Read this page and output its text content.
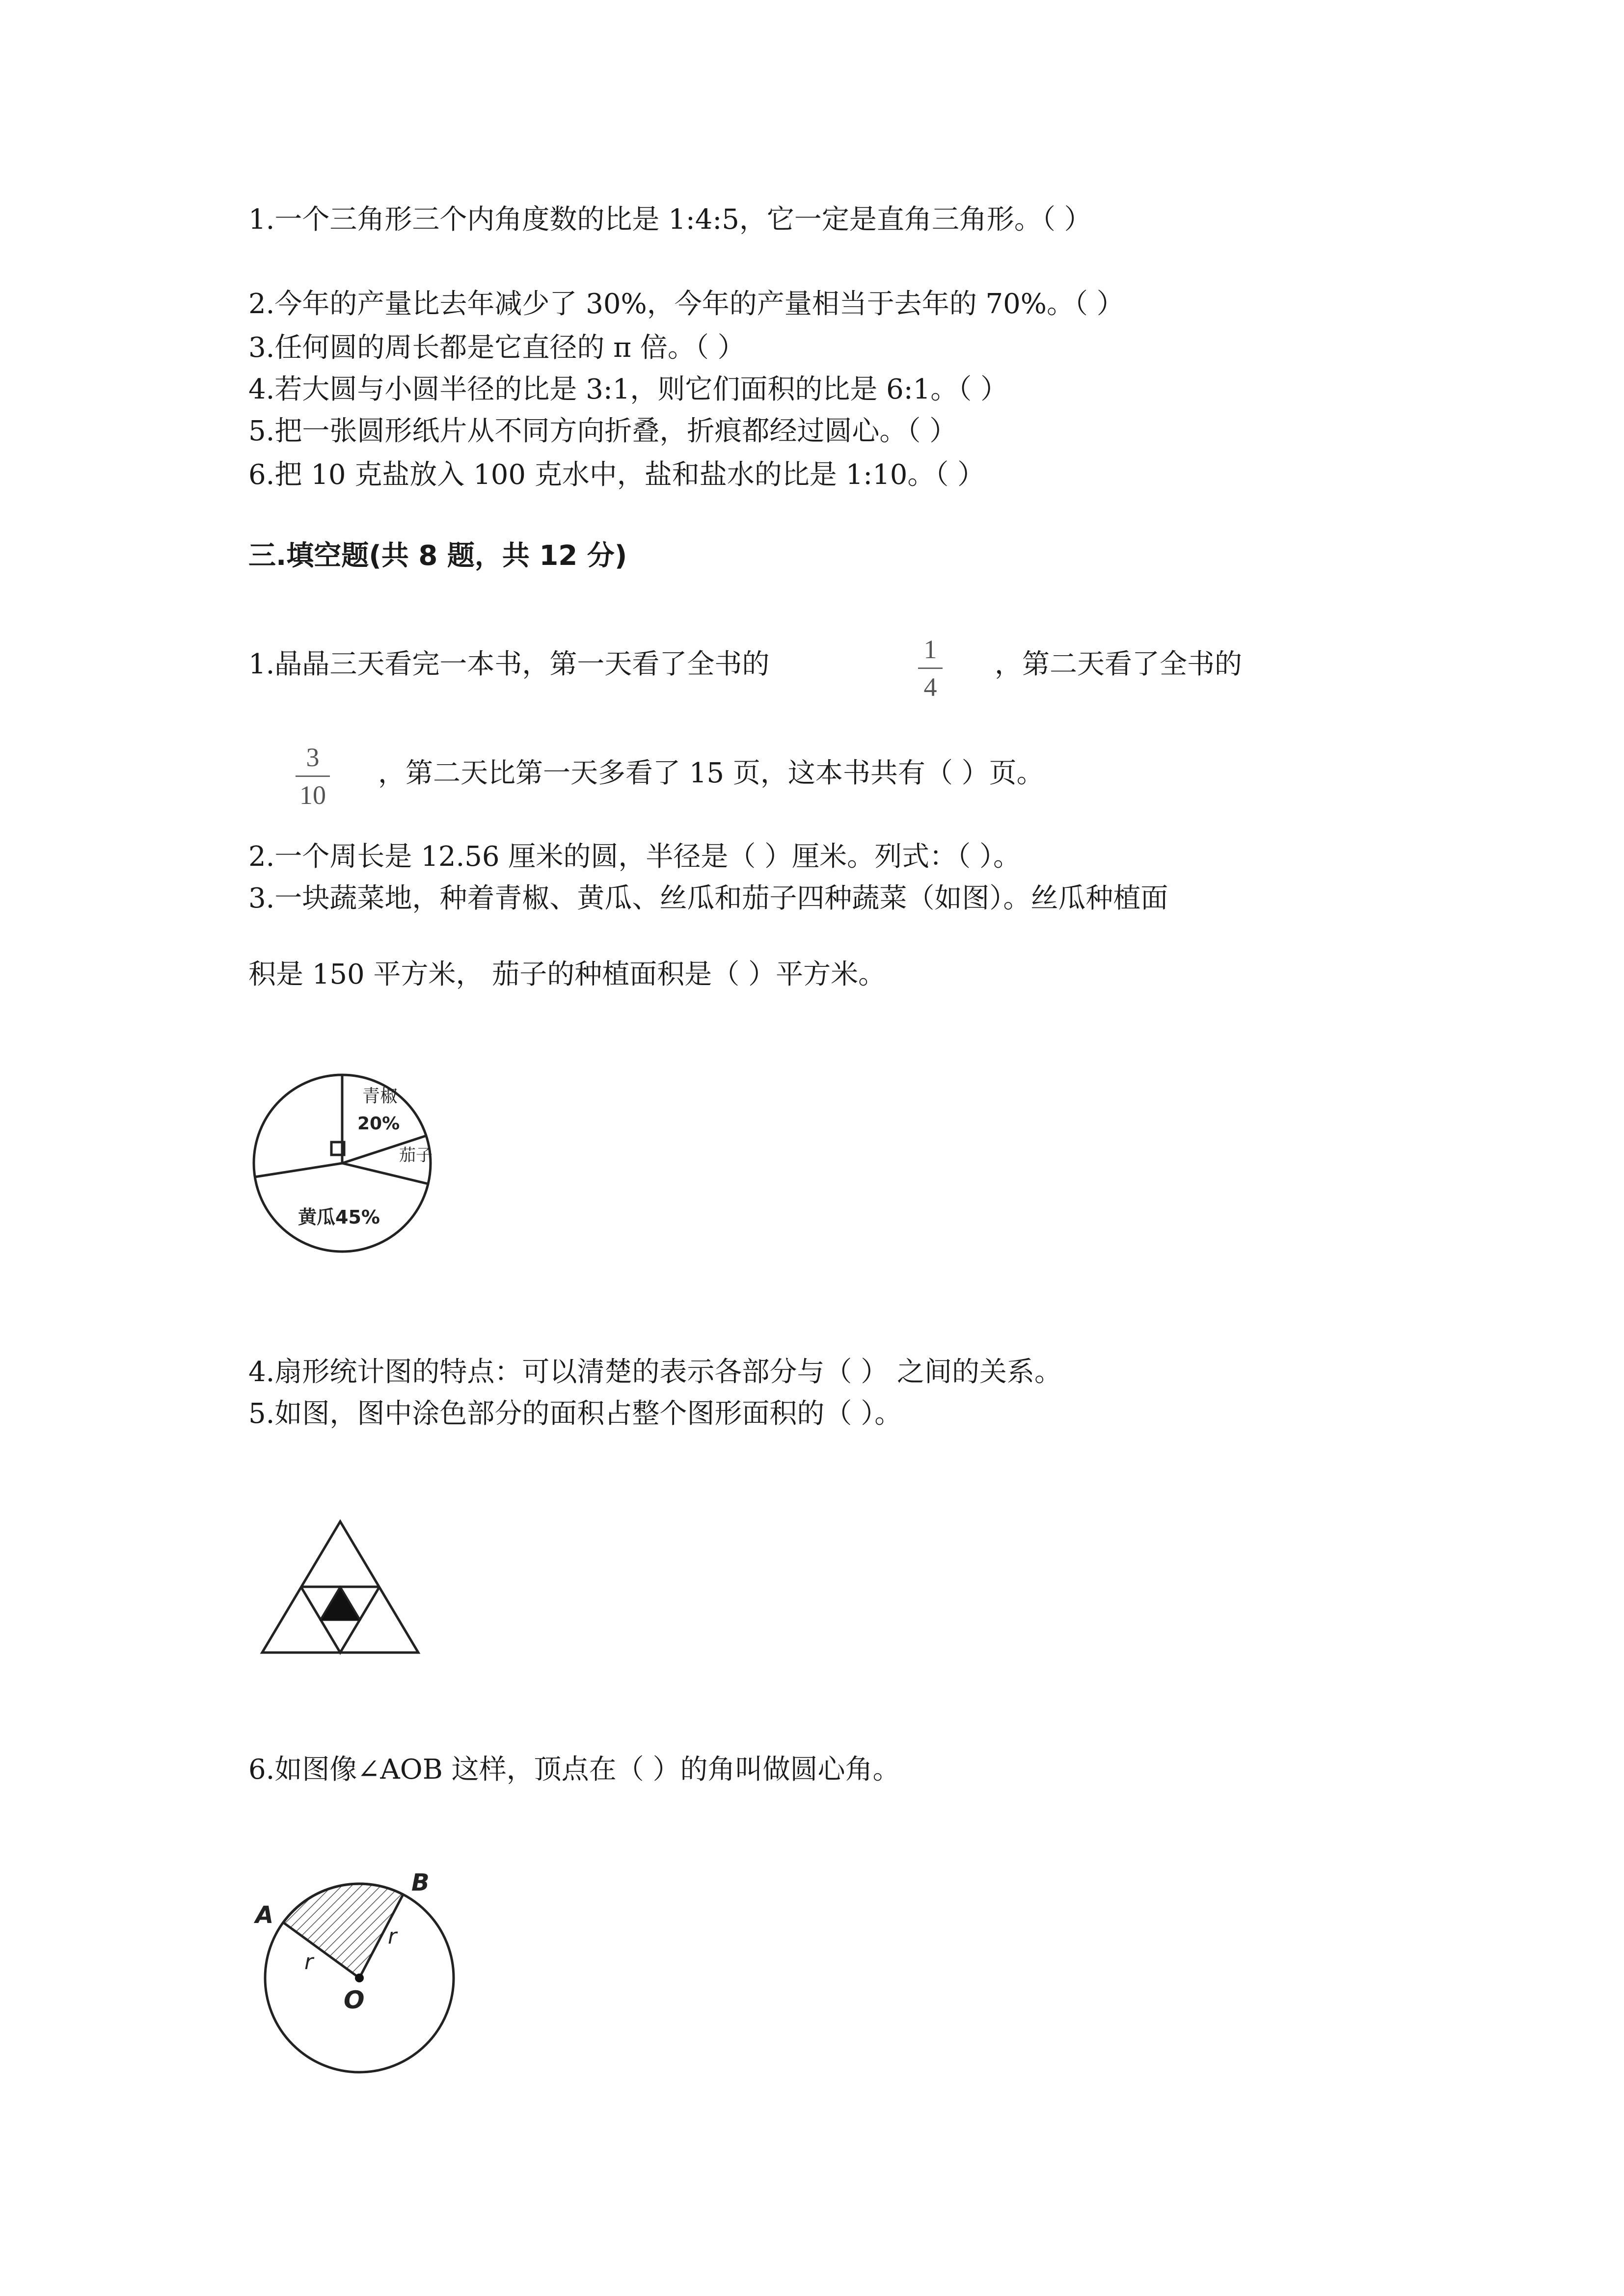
1.一个三角形三个内角度数的比是 1:4:5，它一定是直角三角形。（ ）
2.今年的产量比去年减少了 30%，今年的产量相当于去年的 70%。（ ）
3.任何圆的周长都是它直径的 π 倍。（ ）
4.若大圆与小圆半径的比是 3:1，则它们面积的比是 6:1。（ ）
5.把一张圆形纸片从不同方向折叠，折痕都经过圆心。（ ）
6.把 10 克盐放入 100 克水中，盐和盐水的比是 1:10。（ ）
三.填空题(共 8 题，共 12 分)
1.晶晶三天看完一本书，第一天看了全书的	1
4
，第二天看了全书的
3
10
，第二天比第一天多看了 15 页，这本书共有（ ）页。
2.一个周长是 12.56 厘米的圆，半径是（ ）厘米。列式：（ ）。
3.一块蔬菜地，种着青椒、黄瓜、丝瓜和茄子四种蔬菜（如图）。丝瓜种植面
积是 150 平方米， 茄子的种植面积是（ ）平方米。
青椒
20%
茄子
黄瓜45%
4.扇形统计图的特点：可以清楚的表示各部分与（ ） 之间的关系。
5.如图，图中涂色部分的面积占整个图形面积的（ ）。
6.如图像∠AOB 这样，顶点在（ ）的角叫做圆心角。
A
B
O
r
r
